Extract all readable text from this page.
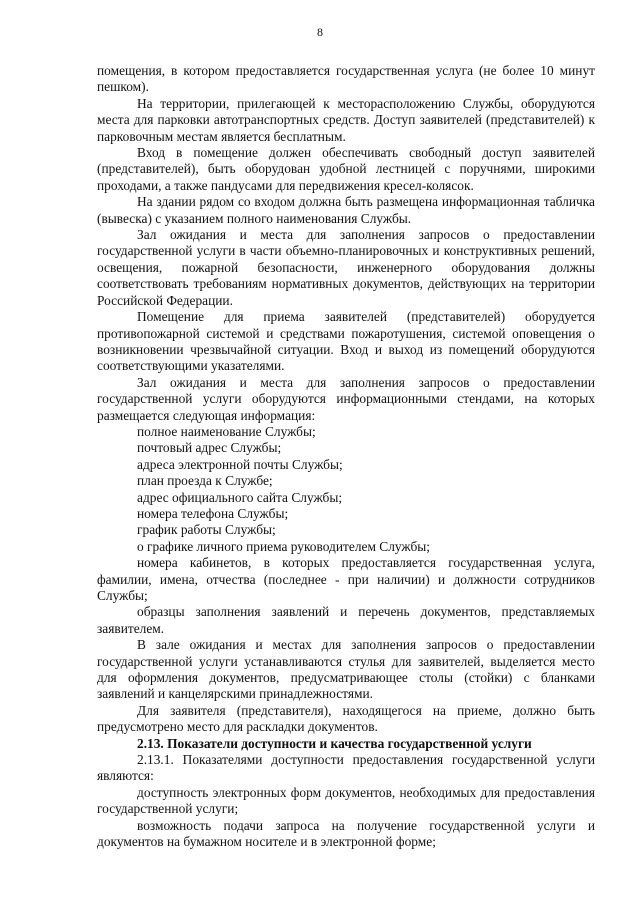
8

помещения, в котором предоставляется государственная услуга (не более 10 минут пешком).

На территории, прилегающей к месторасположению Службы, оборудуются места для парковки автотранспортных средств. Доступ заявителей (представителей) к парковочным местам является бесплатным.

Вход в помещение должен обеспечивать свободный доступ заявителей (представителей), быть оборудован удобной лестницей с поручнями, широкими проходами, а также пандусами для передвижения кресел-колясок.

На здании рядом со входом должна быть размещена информационная табличка (вывеска) с указанием полного наименования Службы.

Зал ожидания и места для заполнения запросов о предоставлении государственной услуги в части объемно-планировочных и конструктивных решений, освещения, пожарной безопасности, инженерного оборудования должны соответствовать требованиям нормативных документов, действующих на территории Российской Федерации.

Помещение для приема заявителей (представителей) оборудуется противопожарной системой и средствами пожаротушения, системой оповещения о возникновении чрезвычайной ситуации. Вход и выход из помещений оборудуются соответствующими указателями.

Зал ожидания и места для заполнения запросов о предоставлении государственной услуги оборудуются информационными стендами, на которых размещается следующая информация:

полное наименование Службы;

почтовый адрес Службы;

адреса электронной почты Службы;

план проезда к Службе;

адрес официального сайта Службы;

номера телефона Службы;

график работы Службы;

о графике личного приема руководителем Службы;

номера кабинетов, в которых предоставляется государственная услуга, фамилии, имена, отчества (последнее - при наличии) и должности сотрудников Службы;

образцы заполнения заявлений и перечень документов, представляемых заявителем.

В зале ожидания и местах для заполнения запросов о предоставлении государственной услуги устанавливаются стулья для заявителей, выделяется место для оформления документов, предусматривающее столы (стойки) с бланками заявлений и канцелярскими принадлежностями.

Для заявителя (представителя), находящегося на приеме, должно быть предусмотрено место для раскладки документов.

2.13. Показатели доступности и качества государственной услуги

2.13.1. Показателями доступности предоставления государственной услуги являются:

доступность электронных форм документов, необходимых для предоставления государственной услуги;

возможность подачи запроса на получение государственной услуги и документов на бумажном носителе и в электронной форме;
